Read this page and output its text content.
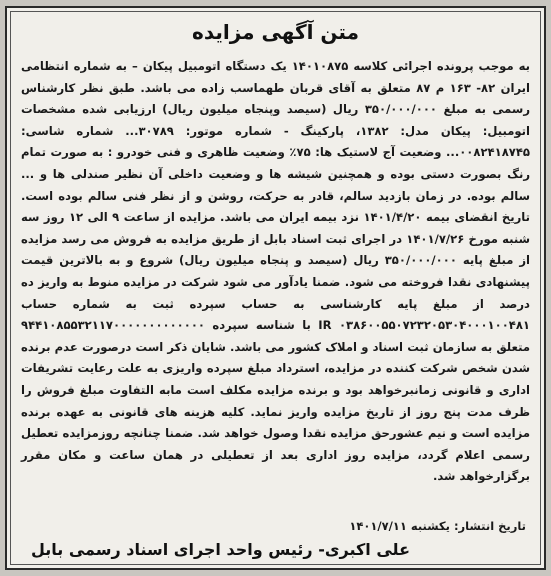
متن آگهی مزایده
به موجب پرونده اجرائی کلاسه ۱۴۰۱۰۸۷۵ یک دستگاه اتومبیل پیکان – به شماره انتظامی ایران ۸۲- ۱۶۳ م ۸۷ متعلق به آقای قربان طهماسب زاده می باشد. طبق نظر کارشناس رسمی به مبلغ ۳۵۰/۰۰۰/۰۰۰ ریال (سیصد وپنجاه میلیون ریال) ارزیابی شده مشخصات اتومبیل: پیکان مدل: ۱۳۸۲، پارکینگ - شماره موتور: ۳۰۷۸۹... شماره شاسی: ۰۰۸۲۴۱۸۷۴۵... وضعیت آج لاستیک ها: ۷۵٪ وضعیت ظاهری و فنی خودرو : به صورت تمام رنگ بصورت دستی بوده و همچنین شیشه ها و وضعیت داخلی آن نظیر صندلی ها و ... سالم بوده. در زمان بازدید سالم، قادر به حرکت، روشن و از نظر فنی سالم بوده است. تاریخ انقضای بیمه ۱۴۰۱/۴/۲۰ نزد بیمه ایران می باشد. مزایده از ساعت ۹ الی ۱۲ روز سه شنبه مورخ ۱۴۰۱/۷/۲۶ در اجرای ثبت اسناد بابل از طریق مزایده به فروش می رسد مزایده از مبلغ پایه ۳۵۰/۰۰۰/۰۰۰ ریال (سیصد و پنجاه میلیون ریال) شروع و به بالاترین قیمت پیشنهادی نقدا فروخته می شود. ضمنا یادآور می شود شرکت در مزایده منوط به واریز ده درصد از مبلغ پایه کارشناسی به حساب سپرده ثبت به شماره حساب ۰۳۸۶۰۰۵۵۰۷۲۳۲۰۵۳۰۴۰۰۰۱۰۰۴۸۱ IR با شناسه سپرده ۹۴۴۱۰۸۵۵۳۲۱۱۷۰۰۰۰۰۰۰۰۰۰۰۰۰ متعلق به سازمان ثبت اسناد و املاک کشور می باشد. شایان ذکر است درصورت عدم برنده شدن شخص شرکت کننده در مزایده، استرداد مبلغ سپرده واریزی به علت رعایت تشریفات اداری و قانونی زمانبرخواهد بود و برنده مزایده مکلف است مابه التفاوت مبلغ فروش را ظرف مدت پنج روز از تاریخ مزایده واریز نماید. کلیه هزینه های قانونی به عهده برنده مزایده است و نیم عشورحق مزایده نقدا وصول خواهد شد. ضمنا چنانچه روزمزایده تعطیل رسمی اعلام گردد، مزایده روز اداری بعد از تعطیلی در همان ساعت و مکان مقرر برگزارخواهد شد.
تاریخ انتشار: یکشنبه ۱۴۰۱/۷/۱۱
علی اکبری- رئیس واحد اجرای اسناد رسمی بابل
